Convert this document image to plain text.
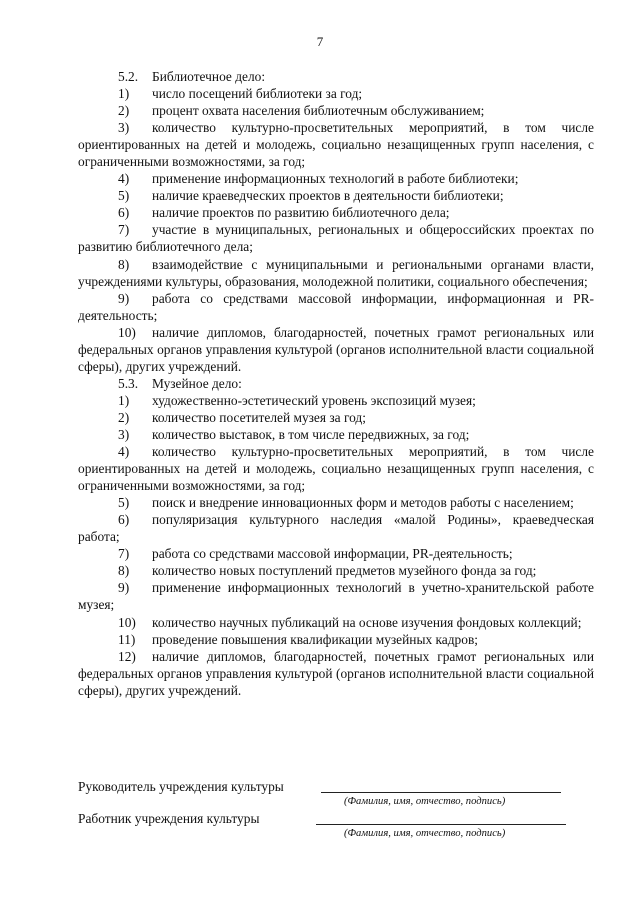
7

5.2. Библиотечное дело:

1) число посещений библиотеки за год;

2) процент охвата населения библиотечным обслуживанием;

3) количество культурно-просветительных мероприятий, в том числе ориентированных на детей и молодежь, социально незащищенных групп населения, с ограниченными возможностями, за год;

4) применение информационных технологий в работе библиотеки;

5) наличие краеведческих проектов в деятельности библиотеки;

6) наличие проектов по развитию библиотечного дела;

7) участие в муниципальных, региональных и общероссийских проектах по развитию библиотечного дела;

8) взаимодействие с муниципальными и региональными органами власти, учреждениями культуры, образования, молодежной политики, социального обеспечения;

9) работа со средствами массовой информации, информационная и PR-деятельность;

10) наличие дипломов, благодарностей, почетных грамот региональных или федеральных органов управления культурой (органов исполнительной власти социальной сферы), других учреждений.

5.3. Музейное дело:

1) художественно-эстетический уровень экспозиций музея;

2) количество посетителей музея за год;

3) количество выставок, в том числе передвижных, за год;

4) количество культурно-просветительных мероприятий, в том числе ориентированных на детей и молодежь, социально незащищенных групп населения, с ограниченными возможностями, за год;

5) поиск и внедрение инновационных форм и методов работы с населением;

6) популяризация культурного наследия «малой Родины», краеведческая работа;

7) работа со средствами массовой информации, PR-деятельность;

8) количество новых поступлений предметов музейного фонда за год;

9) применение информационных технологий в учетно-хранительской работе музея;

10) количество научных публикаций на основе изучения фондовых коллекций;

11) проведение повышения квалификации музейных кадров;

12) наличие дипломов, благодарностей, почетных грамот региональных или федеральных органов управления культурой (органов исполнительной власти социальной сферы), других учреждений.

Руководитель учреждения культуры
(Фамилия, имя, отчество, подпись)
Работник учреждения культуры
(Фамилия, имя, отчество, подпись)
